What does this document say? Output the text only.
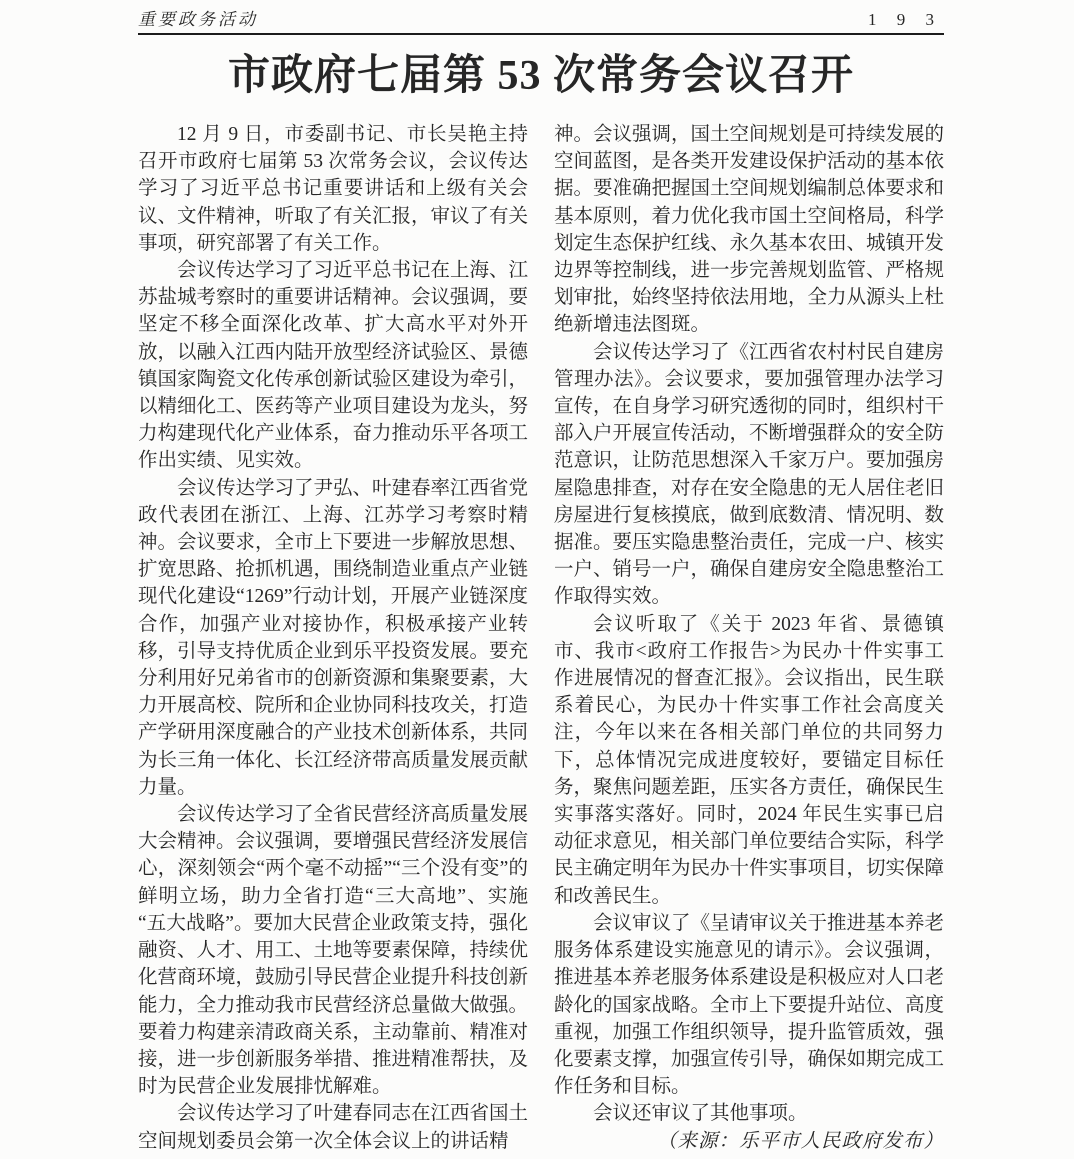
重要政务活动	1 9 3
市政府七届第 53 次常务会议召开

12 月 9 日，市委副书记、市长吴艳主持召开市政府七届第 53 次常务会议，会议传达学习了习近平总书记重要讲话和上级有关会议、文件精神，听取了有关汇报，审议了有关事项，研究部署了有关工作。

会议传达学习了习近平总书记在上海、江苏盐城考察时的重要讲话精神。会议强调，要坚定不移全面深化改革、扩大高水平对外开放，以融入江西内陆开放型经济试验区、景德镇国家陶瓷文化传承创新试验区建设为牵引，以精细化工、医药等产业项目建设为龙头，努力构建现代化产业体系，奋力推动乐平各项工作出实绩、见实效。

会议传达学习了尹弘、叶建春率江西省党政代表团在浙江、上海、江苏学习考察时精神。会议要求，全市上下要进一步解放思想、扩宽思路、抢抓机遇，围绕制造业重点产业链现代化建设“1269”行动计划，开展产业链深度合作，加强产业对接协作，积极承接产业转移，引导支持优质企业到乐平投资发展。要充分利用好兄弟省市的创新资源和集聚要素，大力开展高校、院所和企业协同科技攻关，打造产学研用深度融合的产业技术创新体系，共同为长三角一体化、长江经济带高质量发展贡献力量。

会议传达学习了全省民营经济高质量发展大会精神。会议强调，要增强民营经济发展信心，深刻领会“两个毫不动摇”“三个没有变”的鲜明立场，助力全省打造“三大高地”、实施“五大战略”。要加大民营企业政策支持，强化融资、人才、用工、土地等要素保障，持续优化营商环境，鼓励引导民营企业提升科技创新能力，全力推动我市民营经济总量做大做强。要着力构建亲清政商关系，主动靠前、精准对接，进一步创新服务举措、推进精准帮扶，及时为民营企业发展排忧解难。

会议传达学习了叶建春同志在江西省国土空间规划委员会第一次全体会议上的讲话精

神。会议强调，国土空间规划是可持续发展的空间蓝图，是各类开发建设保护活动的基本依据。要准确把握国土空间规划编制总体要求和基本原则，着力优化我市国土空间格局，科学划定生态保护红线、永久基本农田、城镇开发边界等控制线，进一步完善规划监管、严格规划审批，始终坚持依法用地，全力从源头上杜绝新增违法图斑。

会议传达学习了《江西省农村村民自建房管理办法》。会议要求，要加强管理办法学习宣传，在自身学习研究透彻的同时，组织村干部入户开展宣传活动，不断增强群众的安全防范意识，让防范思想深入千家万户。要加强房屋隐患排查，对存在安全隐患的无人居住老旧房屋进行复核摸底，做到底数清、情况明、数据准。要压实隐患整治责任，完成一户、核实一户、销号一户，确保自建房安全隐患整治工作取得实效。

会议听取了《关于 2023 年省、景德镇市、我市<政府工作报告>为民办十件实事工作进展情况的督查汇报》。会议指出，民生联系着民心，为民办十件实事工作社会高度关注，今年以来在各相关部门单位的共同努力下，总体情况完成进度较好，要锚定目标任务，聚焦问题差距，压实各方责任，确保民生实事落实落好。同时，2024 年民生实事已启动征求意见，相关部门单位要结合实际，科学民主确定明年为民办十件实事项目，切实保障和改善民生。

会议审议了《呈请审议关于推进基本养老服务体系建设实施意见的请示》。会议强调，推进基本养老服务体系建设是积极应对人口老龄化的国家战略。全市上下要提升站位、高度重视，加强工作组织领导，提升监管质效，强化要素支撑，加强宣传引导，确保如期完成工作任务和目标。

会议还审议了其他事项。

（来源：乐平市人民政府发布）
